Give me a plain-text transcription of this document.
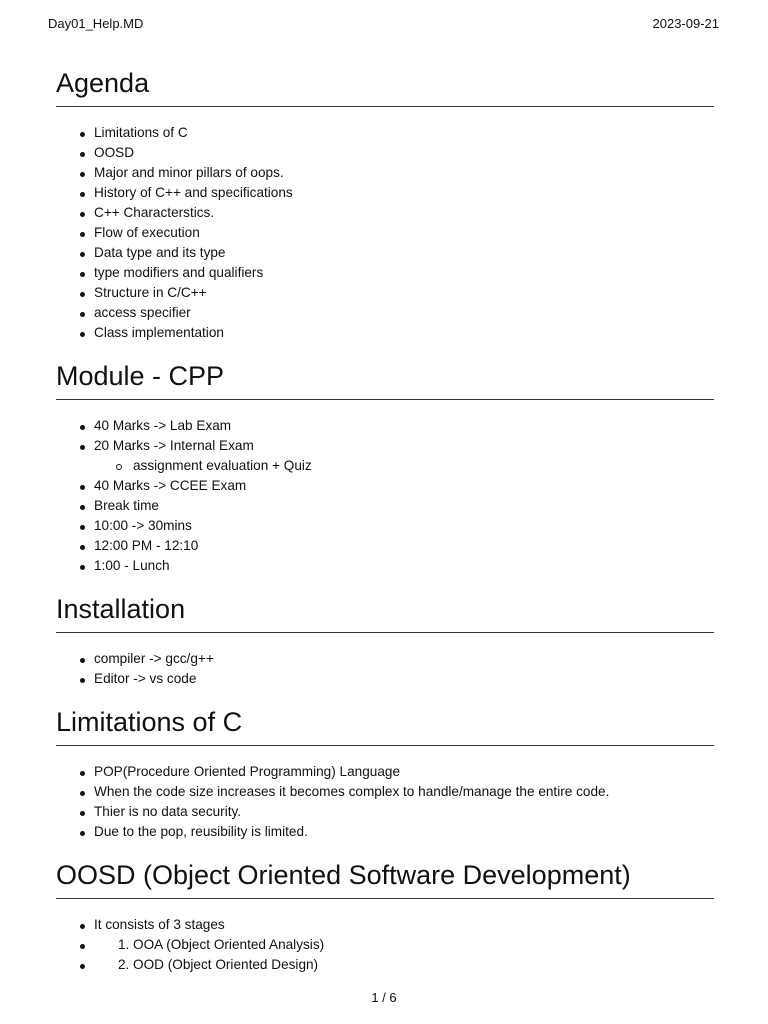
Day01_Help.MD	2023-09-21
Agenda
Limitations of C
OOSD
Major and minor pillars of oops.
History of C++ and specifications
C++ Characterstics.
Flow of execution
Data type and its type
type modifiers and qualifiers
Structure in C/C++
access specifier
Class implementation
Module - CPP
40 Marks -> Lab Exam
20 Marks -> Internal Exam
assignment evaluation + Quiz
40 Marks -> CCEE Exam
Break time
10:00 -> 30mins
12:00 PM - 12:10
1:00 - Lunch
Installation
compiler -> gcc/g++
Editor -> vs code
Limitations of C
POP(Procedure Oriented Programming) Language
When the code size increases it becomes complex to handle/manage the entire code.
Thier is no data security.
Due to the pop, reusibility is limited.
OOSD (Object Oriented Software Development)
It consists of 3 stages
1. OOA (Object Oriented Analysis)
2. OOD (Object Oriented Design)
1 / 6
